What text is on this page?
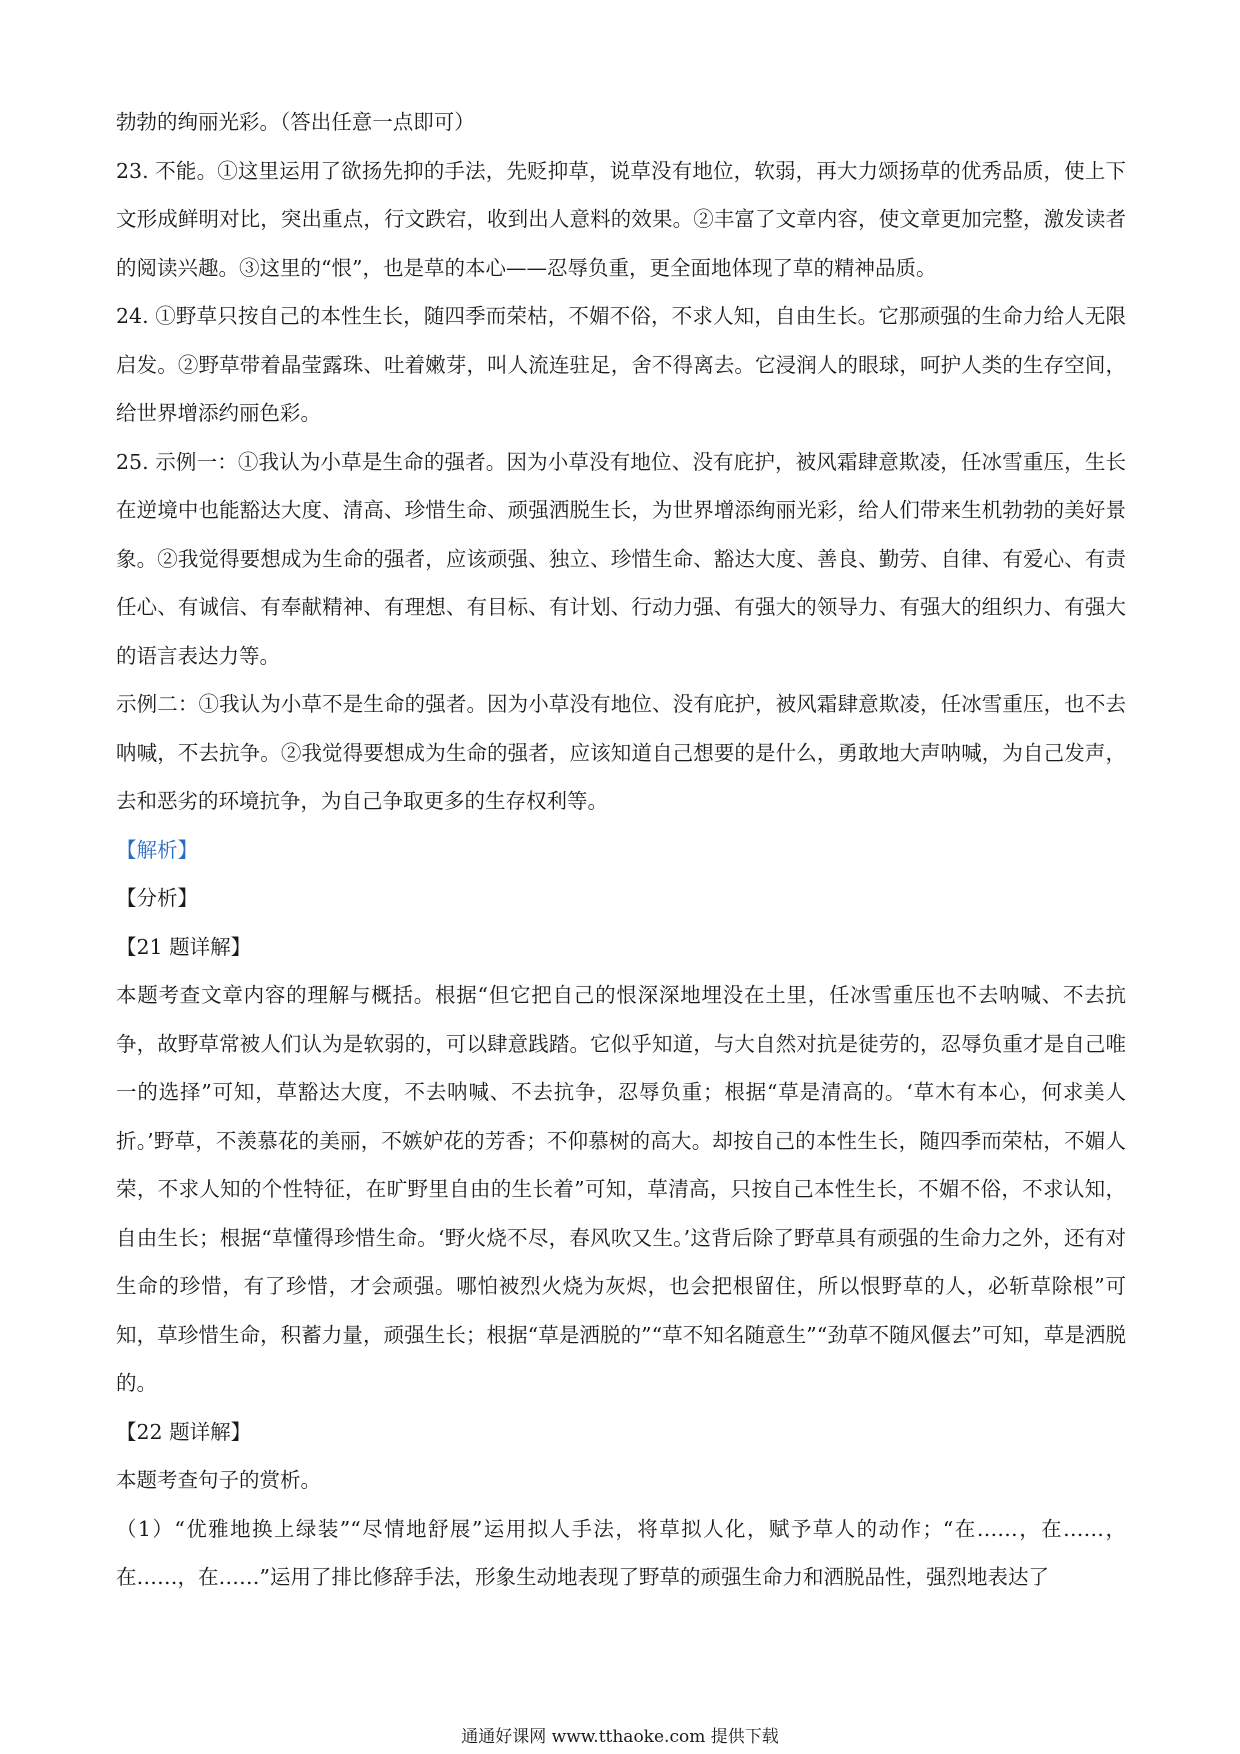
勃勃的绚丽光彩。（答出任意一点即可）

23. 不能。①这里运用了欲扬先抑的手法，先贬抑草，说草没有地位，软弱，再大力颂扬草的优秀品质，使上下文形成鲜明对比，突出重点，行文跌宕，收到出人意料的效果。②丰富了文章内容，使文章更加完整，激发读者的阅读兴趣。③这里的“恨”，也是草的本心——忍辱负重，更全面地体现了草的精神品质。

24. ①野草只按自己的本性生长，随四季而荣枯，不媚不俗，不求人知，自由生长。它那顽强的生命力给人无限启发。②野草带着晶莹露珠、吐着嫩芽，叫人流连驻足，舍不得离去。它浸润人的眼球，呵护人类的生存空间，给世界增添约丽色彩。

25. 示例一：①我认为小草是生命的强者。因为小草没有地位、没有庇护，被风霜肆意欺凌，任冰雪重压，生长在逆境中也能豁达大度、清高、珍惜生命、顽强洒脱生长，为世界增添绚丽光彩，给人们带来生机勃勃的美好景象。②我觉得要想成为生命的强者，应该顽强、独立、珍惜生命、豁达大度、善良、勤劳、自律、有爱心、有责任心、有诚信、有奉献精神、有理想、有目标、有计划、行动力强、有强大的领导力、有强大的组织力、有强大的语言表达力等。

示例二：①我认为小草不是生命的强者。因为小草没有地位、没有庇护，被风霜肆意欺凌，任冰雪重压，也不去呐喊，不去抗争。②我觉得要想成为生命的强者，应该知道自己想要的是什么，勇敢地大声呐喊，为自己发声，去和恶劣的环境抗争，为自己争取更多的生存权利等。

【解析】

【分析】

【21 题详解】

本题考查文章内容的理解与概括。根据“但它把自己的恨深深地埋没在土里，任冰雪重压也不去呐喊、不去抗争，故野草常被人们认为是软弱的，可以肆意践踏。它似乎知道，与大自然对抗是徒劳的，忍辱负重才是自己唯一的选择”可知，草豁达大度，不去呐喊、不去抗争，忍辱负重；根据“草是清高的。‘草木有本心，何求美人折。’野草，不羡慕花的美丽，不嫉妒花的芳香；不仰慕树的高大。却按自己的本性生长，随四季而荣枯，不媚人荣，不求人知的个性特征，在旷野里自由的生长着”可知，草清高，只按自己本性生长，不媚不俗，不求认知，自由生长；根据“草懂得珍惜生命。‘野火烧不尽，春风吹又生。’这背后除了野草具有顽强的生命力之外，还有对生命的珍惜，有了珍惜，才会顽强。哪怕被烈火烧为灰烬，也会把根留住，所以恨野草的人，必斩草除根”可知，草珍惜生命，积蓄力量，顽强生长；根据“草是洒脱的”“草不知名随意生”“劲草不随风偃去”可知，草是洒脱的。

【22 题详解】

本题考查句子的赏析。

（1）“优雅地换上绿装”“尽情地舒展”运用拟人手法，将草拟人化，赋予草人的动作；“在……，在……，在……，在……”运用了排比修辞手法，形象生动地表现了野草的顽强生命力和洒脱品性，强烈地表达了

通通好课网 www.tthaoke.com 提供下载
